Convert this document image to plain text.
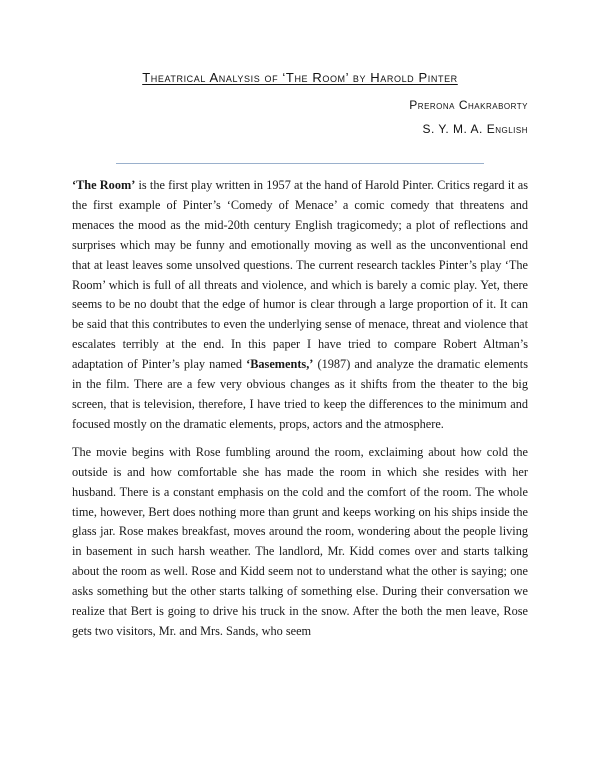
Theatrical Analysis of ‘The Room’ by Harold Pinter
Prerona Chakraborty
S. Y. M. A. English

‘The Room’ is the first play written in 1957 at the hand of Harold Pinter. Critics regard it as the first example of Pinter’s ‘Comedy of Menace’ a comic comedy that threatens and menaces the mood as the mid-20th century English tragicomedy; a plot of reflections and surprises which may be funny and emotionally moving as well as the unconventional end that at least leaves some unsolved questions. The current research tackles Pinter’s play ‘The Room’ which is full of all threats and violence, and which is barely a comic play. Yet, there seems to be no doubt that the edge of humor is clear through a large proportion of it. It can be said that this contributes to even the underlying sense of menace, threat and violence that escalates terribly at the end. In this paper I have tried to compare Robert Altman’s adaptation of Pinter’s play named ‘Basements,’ (1987) and analyze the dramatic elements in the film. There are a few very obvious changes as it shifts from the theater to the big screen, that is television, therefore, I have tried to keep the differences to the minimum and focused mostly on the dramatic elements, props, actors and the atmosphere.

The movie begins with Rose fumbling around the room, exclaiming about how cold the outside is and how comfortable she has made the room in which she resides with her husband. There is a constant emphasis on the cold and the comfort of the room. The whole time, however, Bert does nothing more than grunt and keeps working on his ships inside the glass jar. Rose makes breakfast, moves around the room, wondering about the people living in basement in such harsh weather. The landlord, Mr. Kidd comes over and starts talking about the room as well. Rose and Kidd seem not to understand what the other is saying; one asks something but the other starts talking of something else. During their conversation we realize that Bert is going to drive his truck in the snow. After the both the men leave, Rose gets two visitors, Mr. and Mrs. Sands, who seem
